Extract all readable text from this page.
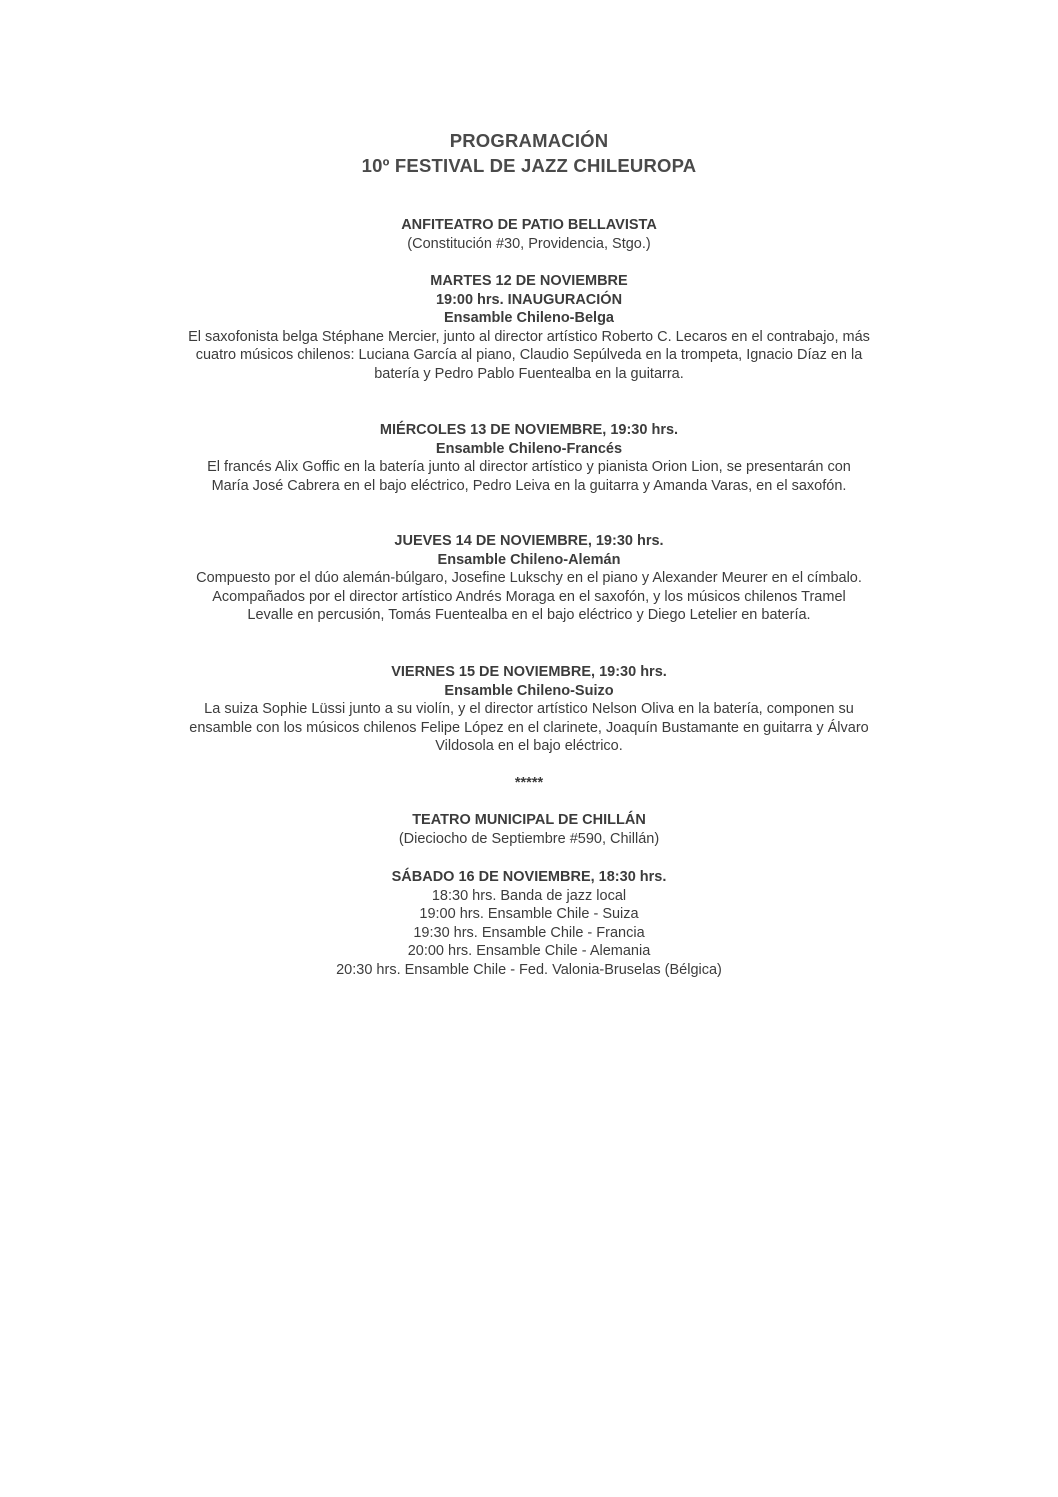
PROGRAMACIÓN

10º FESTIVAL DE JAZZ CHILEUROPA

ANFITEATRO DE PATIO BELLAVISTA
(Constitución #30, Providencia, Stgo.)
MARTES 12 DE NOVIEMBRE
19:00 hrs. INAUGURACIÓN
Ensamble Chileno-Belga
El saxofonista belga Stéphane Mercier, junto al director artístico Roberto C. Lecaros en el contrabajo, más
cuatro músicos chilenos: Luciana García al piano, Claudio Sepúlveda en la trompeta, Ignacio Díaz en la
batería y Pedro Pablo Fuentealba en la guitarra.
MIÉRCOLES 13 DE NOVIEMBRE, 19:30 hrs.
Ensamble Chileno-Francés
El francés Alix Goffic en la batería junto al director artístico y pianista Orion Lion, se presentarán con
María José Cabrera en el bajo eléctrico, Pedro Leiva en la guitarra y Amanda Varas, en el saxofón.
JUEVES 14 DE NOVIEMBRE, 19:30 hrs.
Ensamble Chileno-Alemán
Compuesto por el dúo alemán-búlgaro, Josefine Lukschy en el piano y Alexander Meurer en el címbalo.
Acompañados por el director artístico Andrés Moraga en el saxofón, y los músicos chilenos Tramel
Levalle en percusión, Tomás Fuentealba en el bajo eléctrico y Diego Letelier en batería.
VIERNES 15 DE NOVIEMBRE, 19:30 hrs.
Ensamble Chileno-Suizo
La suiza Sophie Lüssi junto a su violín, y el director artístico Nelson Oliva en la batería, componen su
ensamble con los músicos chilenos Felipe López en el clarinete, Joaquín Bustamante en guitarra y Álvaro
Vildosola en el bajo eléctrico.
*****
TEATRO MUNICIPAL DE CHILLÁN
(Dieciocho de Septiembre #590, Chillán)
SÁBADO 16 DE NOVIEMBRE, 18:30 hrs.
18:30 hrs. Banda de jazz local
19:00 hrs. Ensamble Chile - Suiza
19:30 hrs. Ensamble Chile - Francia
20:00 hrs. Ensamble Chile - Alemania
20:30 hrs. Ensamble Chile - Fed. Valonia-Bruselas (Bélgica)
